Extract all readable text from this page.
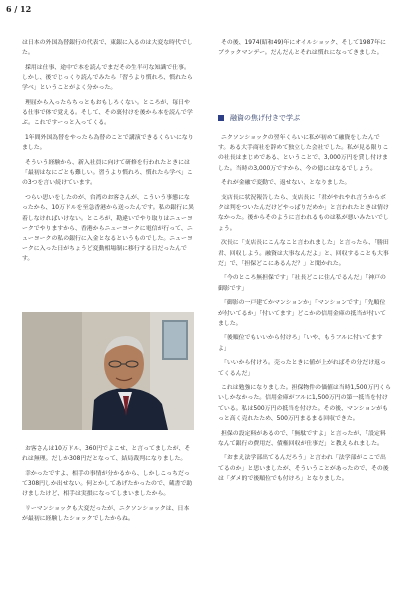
6 / 12

は日本の外国為替銀行の代表で、東銀に入るのは大変な時代でした。

採用は仕事、途中で本を読んでまだその生半可な知識で仕事。しかし、後でじっくり読んでみたら「習うより慣れろ、慣れたら学べ」ということがよく分かった。

理屈から入ったらちっともおもしろくない。ところが、毎日やる仕事で体で覚える。そして、その裏付けを後から本を読んで学ぶ。これですーっと入ってくる。

1年間外国為替をやったら為替のことで講演できるくらいになりました。

そういう経験から、新入社員に向けて研修を行われたときには「最初はなにごとも難しい。習うより慣れろ、慣れたら学べ」この3つを言い続けています。

つらい思いをしたのが、台湾のお客さんが、こういう事態になったから、10万ドルを至急香港から送ったんです。私の銀行に異着しなければいけない。ところが、勘違いでやり取りはニューヨークでやりますから、香港からニューヨークに電信が行って、ニューヨークの私の銀行に入金となるというものでした。ニューヨークに入った日がちょうど変動相場制に移行する日だったんです。

お客さんは10万ドル、360円でよこせ、と言ってましたが、それは無理。だしか308円だとなって、結局裁判になりました。

幸かったですよ、相手の事情が分かるから、しかしこっちだって308円しか出せない。何とかしてあげたかったので、蔵書で助けましたけど、相手は実損になってしまいましたから。

リーマンショックも大変だったが、ニクソンショックは、日本が最初に経験したショックでしたからね。

その後、1974(昭和49)年にオイルショック、そして1987年にブラックマンデー。だんだんとそれは慣れになってきました。

融資の焦げ付きで学ぶ

ニクソンショックの翌年くらいに私が初めて融資をしたんです。ある大手商社を辞めて独立した会社でした。私が見る限りこの社長はまじめである、ということで、3,000万円を貸し付けました。当時の3,000万ですから、今の億にはなるでしょう。

それが金融で変動で、返せない、となりました。

支店長に状況報告したら、支店長に「君がやれやれ言うからボクは判をついたんだけどやっぱりだめか」と言われたときは情けなかった。後からそのように言われるものは私が悪いみたいでしょう。

次長に「支店長にこんなこと言われました」と言ったら、「勝田君、回収しよう。融資は大事なんだよ」と、回収することも大事だ」で、「担保どこにあるんだ？」と聞かれた。

「今のところ無担保です」「社長どこに住んでるんだ」「神戸の御影です」

「御影の一戸建てかマンションか」「マンションです」「先順位が付いてるか」「付いてます」どこかの信用金庫の抵当が付いてました。

「後順位でもいいから付けろ」「いや、もうフルに付いてますよ」

「いいから付けろ。売ったときに値が上がればその分だけ返ってくるんだ」

これは勉強になりました。担保物件の価値は当時1,500万円くらいしかなかった。信用金庫がフルに1,500万円の第一抵当を付けている。私は500万円の抵当を付けた。その後、マンションがもっと高く売れたため、500万円まるまる回収できた。

担保の設定料があるので、「無駄ですよ」と言ったが、「設定料なんて銀行の費用だ、債権回収が仕事だ」と教えられました。

「おまえ法学部出てるんだろう」と言われ「法学部がここで出てるのか」と思いましたが、そういうことがあったので、その後は「ダメ的で後順位でも付けろ」となりました。
